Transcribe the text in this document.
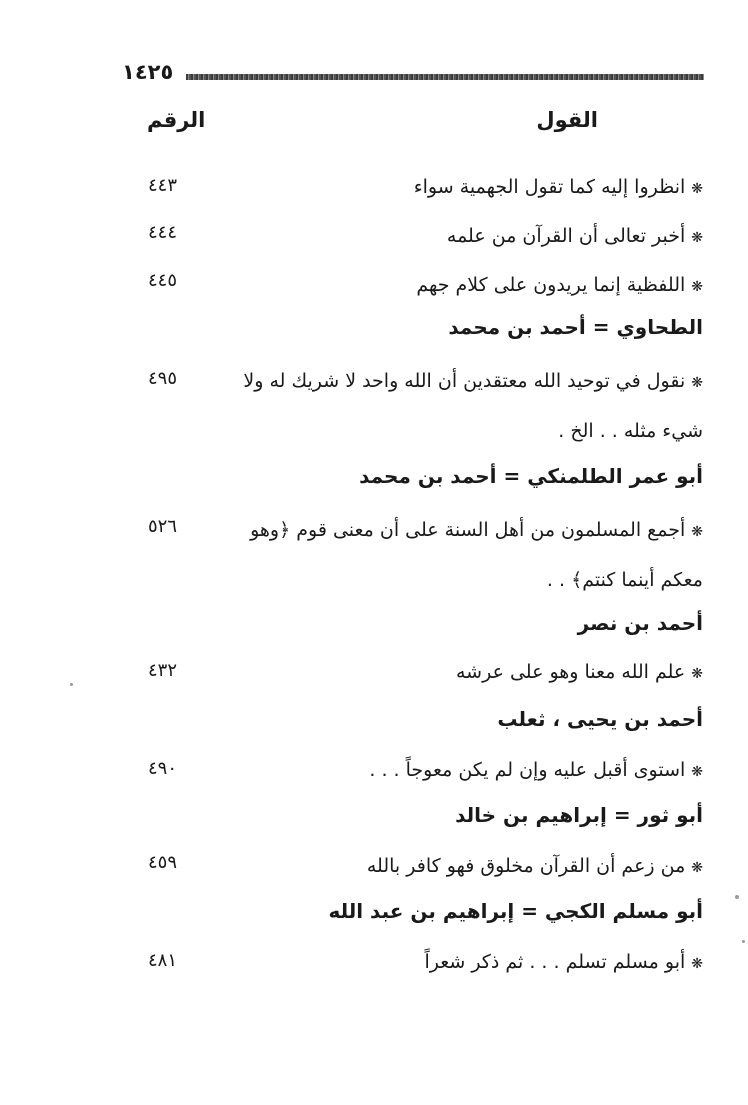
١٤٢٥
القول
الرقم
❋انظروا إليه كما تقول الجهمية سواء
٤٤٣
❋أخبر تعالى أن القرآن من علمه
٤٤٤
❋اللفظية إنما يريدون على كلام جهم
٤٤٥
الطحاوي = أحمد بن محمد
❋نقول في توحيد الله معتقدين أن الله واحد لا شريك له ولا
٤٩٥
شيء مثله . . الخ .
أبو عمر الطلمنكي = أحمد بن محمد
❋أجمع المسلمون من أهل السنة على أن معنى قوم ﴿وهو
٥٢٦
معكم أينما كنتم﴾ . .
أحمد بن نصر
❋علم الله معنا وهو على عرشه
٤٣٢
أحمد بن يحيى ، ثعلب
❋استوى أقبل عليه وإن لم يكن معوجاً . . .
٤٩٠
أبو ثور = إبراهيم بن خالد
❋من زعم أن القرآن مخلوق فهو كافر بالله
٤٥٩
أبو مسلم الكجي = إبراهيم بن عبد الله
❋أبو مسلم تسلم . . . ثم ذكر شعراً
٤٨١
